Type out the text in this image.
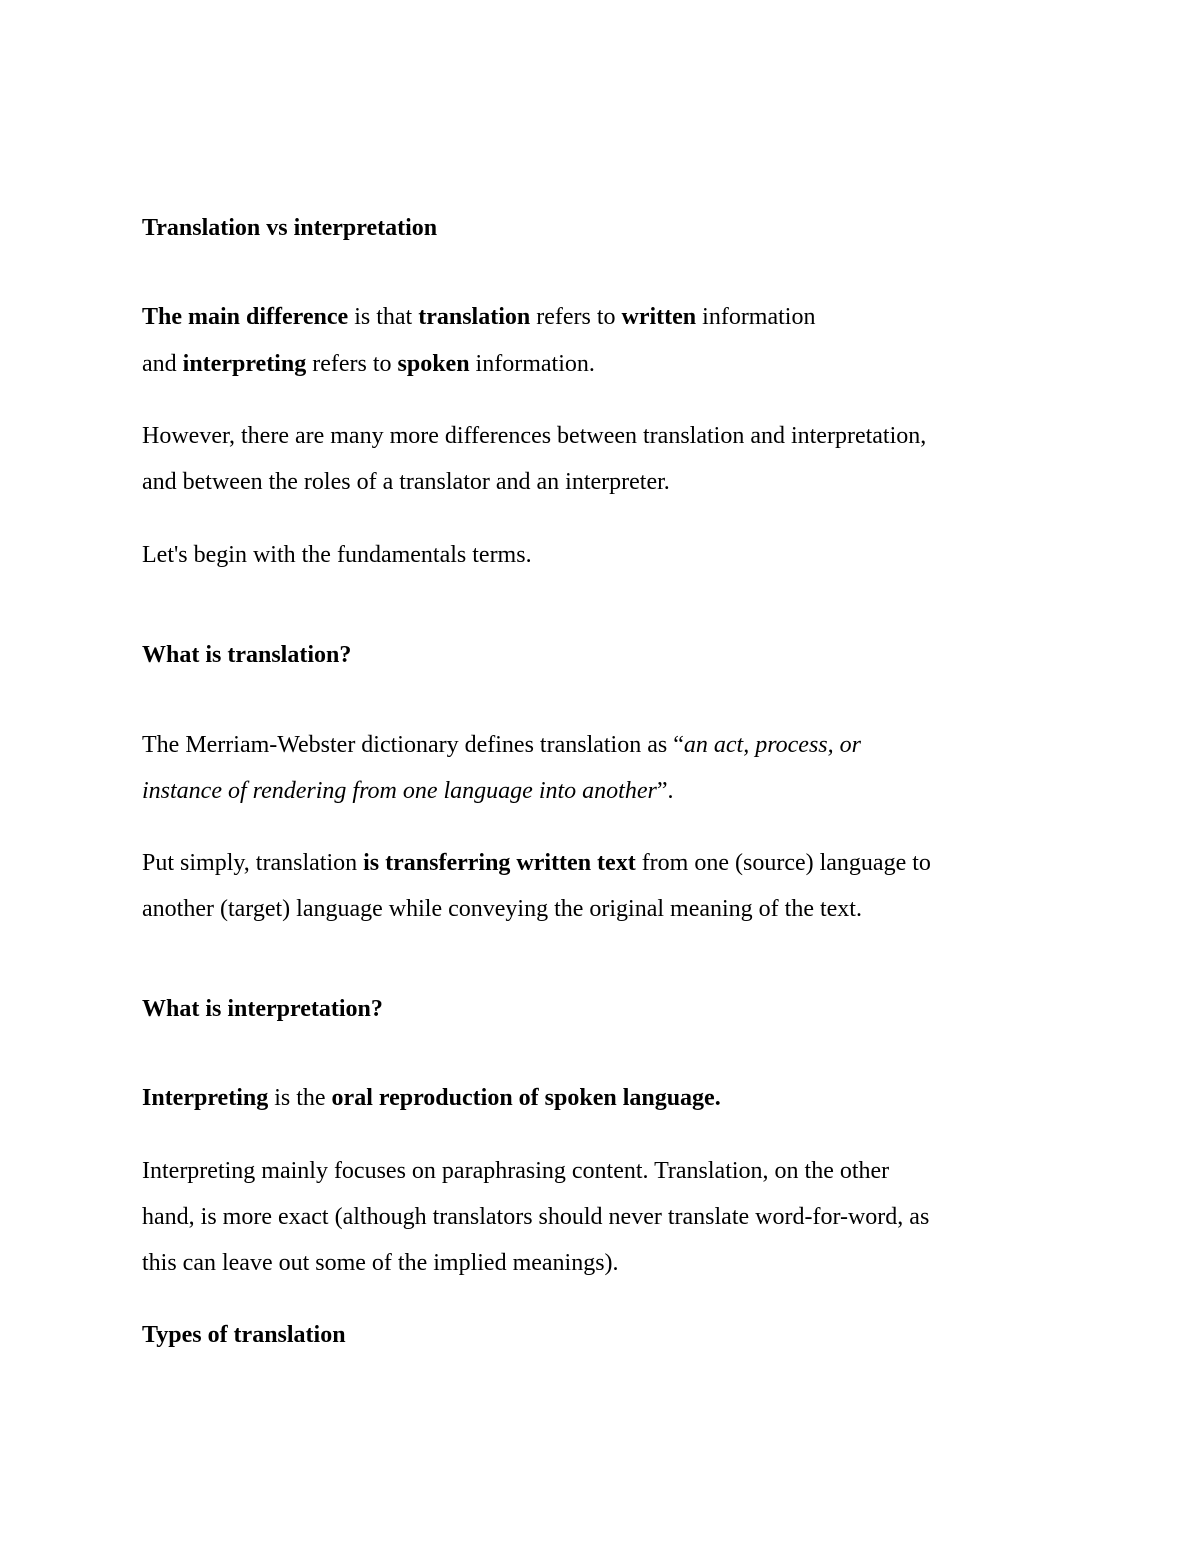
Translation vs interpretation
The main difference is that translation refers to written information
and interpreting refers to spoken information.
However, there are many more differences between translation and interpretation,
and between the roles of a translator and an interpreter.
Let's begin with the fundamentals terms.
What is translation?
The Merriam-Webster dictionary defines translation as “an act, process, or
instance of rendering from one language into another”.
Put simply, translation is transferring written text from one (source) language to
another (target) language while conveying the original meaning of the text.
What is interpretation?
Interpreting is the oral reproduction of spoken language.
Interpreting mainly focuses on paraphrasing content. Translation, on the other
hand, is more exact (although translators should never translate word-for-word, as
this can leave out some of the implied meanings).
Types of translation
